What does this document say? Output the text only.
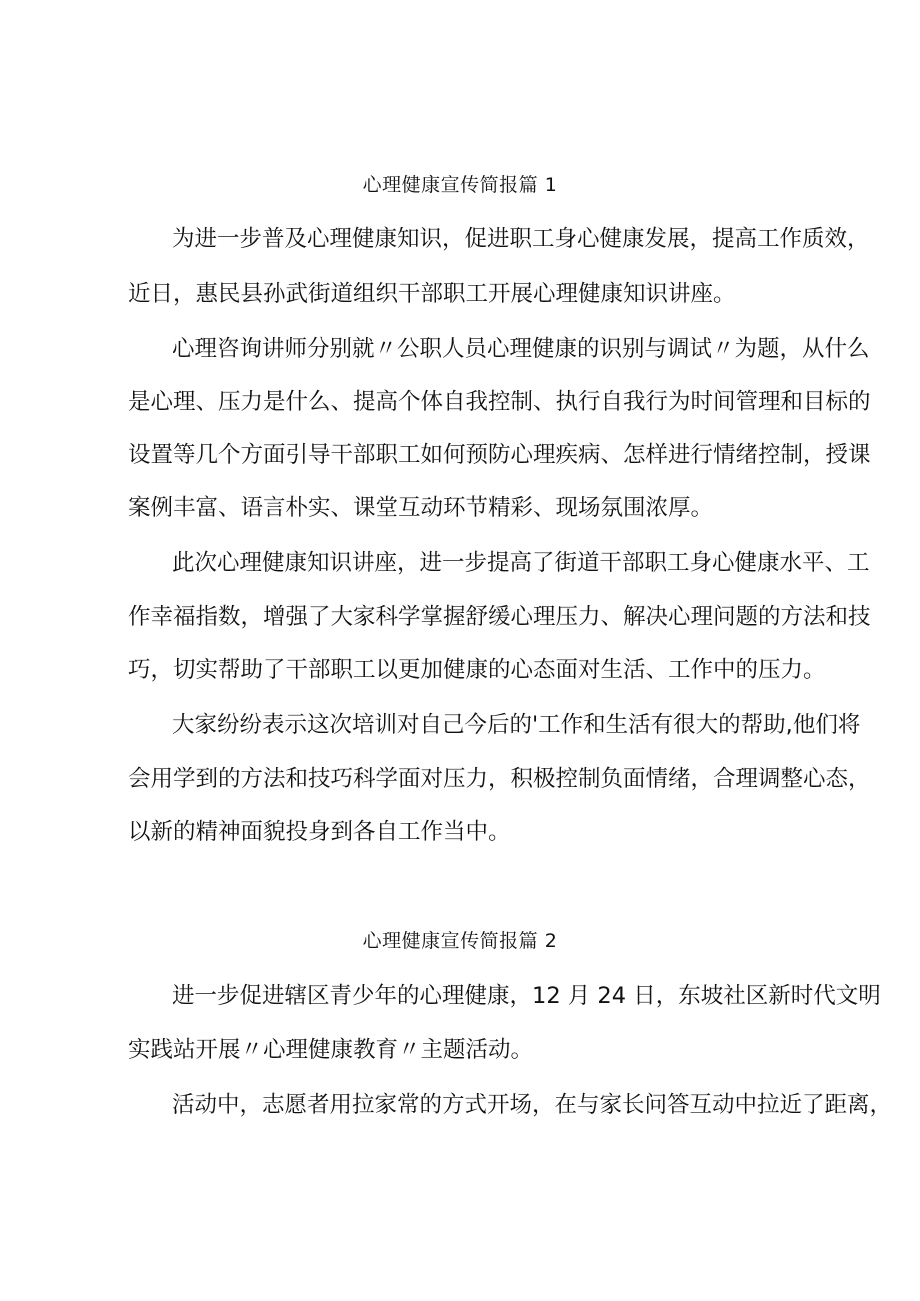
心理健康宣传简报篇 1
为进一步普及心理健康知识，促进职工身心健康发展，提高工作质效，
近日，惠民县孙武街道组织干部职工开展心理健康知识讲座。
心理咨询讲师分别就〃公职人员心理健康的识别与调试〃为题，从什么
是心理、压力是什么、提高个体自我控制、执行自我行为时间管理和目标的
设置等几个方面引导干部职工如何预防心理疾病、怎样进行情绪控制，授课
案例丰富、语言朴实、课堂互动环节精彩、现场氛围浓厚。
此次心理健康知识讲座，进一步提高了街道干部职工身心健康水平、工
作幸福指数，增强了大家科学掌握舒缓心理压力、解决心理问题的方法和技
巧，切实帮助了干部职工以更加健康的心态面对生活、工作中的压力。
大家纷纷表示这次培训对自己今后的'工作和生活有很大的帮助,他们将
会用学到的方法和技巧科学面对压力，积极控制负面情绪，合理调整心态，
以新的精神面貌投身到各自工作当中。
心理健康宣传简报篇 2
进一步促进辖区青少年的心理健康，12 月 24 日，东坡社区新时代文明
实践站开展〃心理健康教育〃主题活动。
活动中，志愿者用拉家常的方式开场，在与家长问答互动中拉近了距离，
